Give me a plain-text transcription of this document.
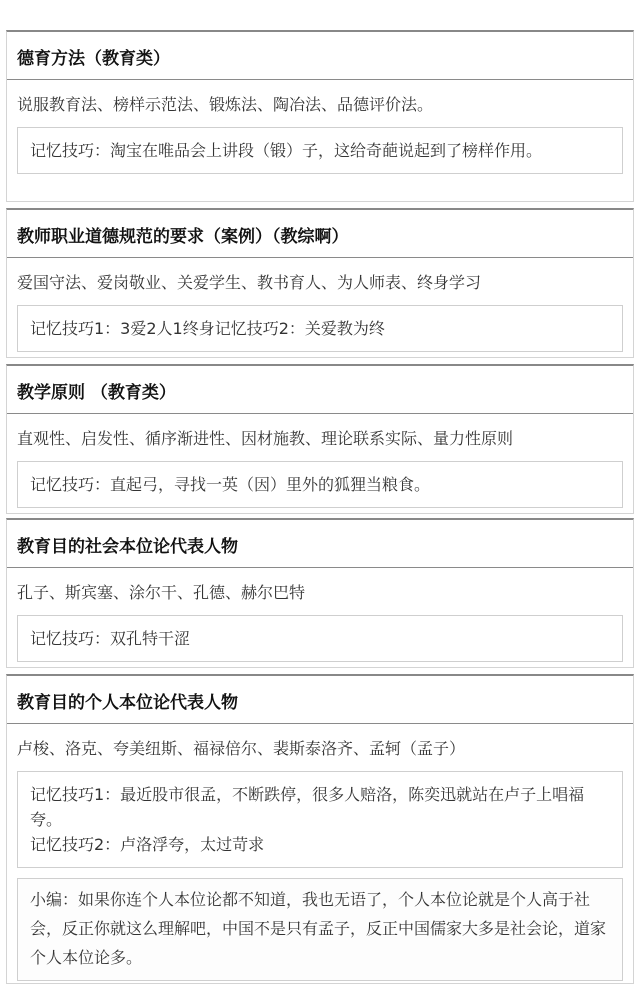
德育方法（教育类）
说服教育法、榜样示范法、锻炼法、陶冶法、品德评价法。
记忆技巧：淘宝在唯品会上讲段（锻）子，这给奇葩说起到了榜样作用。
教师职业道德规范的要求（案例）（教综啊）
爱国守法、爱岗敬业、关爱学生、教书育人、为人师表、终身学习
记忆技巧1：3爱2人1终身记忆技巧2：关爱教为终
教学原则 （教育类）
直观性、启发性、循序渐进性、因材施教、理论联系实际、量力性原则
记忆技巧：直起弓，寻找一英（因）里外的狐狸当粮食。
教育目的社会本位论代表人物
孔子、斯宾塞、涂尔干、孔德、赫尔巴特
记忆技巧：双孔特干涩
教育目的个人本位论代表人物
卢梭、洛克、夸美纽斯、福禄倍尔、裴斯泰洛齐、孟轲（孟子）
记忆技巧1：最近股市很孟，不断跌停，很多人赔洛，陈奕迅就站在卢子上唱福夸。
记忆技巧2：卢洛浮夸，太过苛求
小编：如果你连个人本位论都不知道，我也无语了，个人本位论就是个人高于社会，反正你就这么理解吧，中国不是只有孟子，反正中国儒家大多是社会论，道家个人本位论多。
